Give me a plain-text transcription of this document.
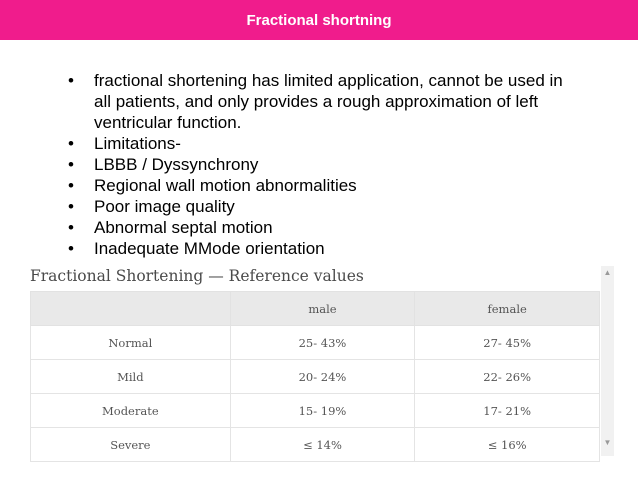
Fractional shortning
• fractional shortening has limited application, cannot be used in all patients, and only provides a rough approximation of left ventricular function.
• Limitations-
• LBBB / Dyssynchrony
• Regional wall motion abnormalities
• Poor image quality
• Abnormal septal motion
• Inadequate MMode orientation
Fractional Shortening — Reference values
	male	female
Normal	25- 43%	27- 45%
Mild	20- 24%	22- 26%
Moderate	15- 19%	17- 21%
Severe	≤ 14%	≤ 16%
▲
▼
